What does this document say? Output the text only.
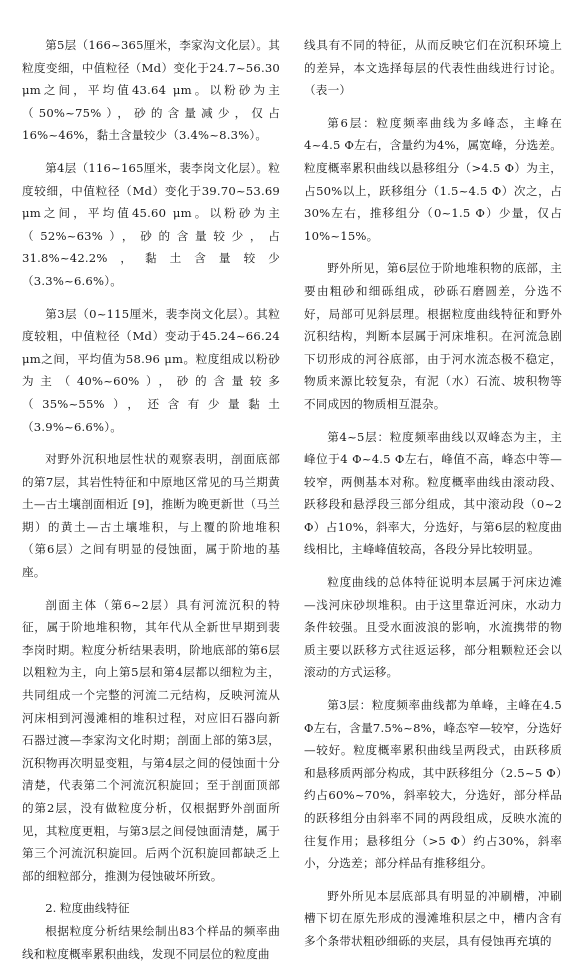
第5层（166~365厘米，李家沟文化层）。其粒度变细，中值粒径（Md）变化于24.7~56.30 μm之间，平均值43.64 μm。以粉砂为主（50%~75%），砂的含量减少，仅占16%~46%，黏土含量较少（3.4%~8.3%）。

第4层（116~165厘米，裴李岗文化层）。粒度较细，中值粒径（Md）变化于39.70~53.69 μm之间，平均值45.60 μm。以粉砂为主（52%~63%），砂的含量较少，占31.8%~42.2%，黏土含量较少（3.3%~6.6%）。

第3层（0~115厘米，裴李岗文化层）。其粒度较粗，中值粒径（Md）变动于45.24~66.24 μm之间，平均值为58.96 μm。粒度组成以粉砂为主（40%~60%），砂的含量较多（35%~55%），还含有少量黏土（3.9%~6.6%）。

对野外沉积地层性状的观察表明，剖面底部的第7层，其岩性特征和中原地区常见的马兰期黄土—古土壤剖面相近 [9]，推断为晚更新世（马兰期）的黄土—古土壤堆积，与上覆的阶地堆积（第6层）之间有明显的侵蚀面，属于阶地的基座。

剖面主体（第6~2层）具有河流沉积的特征，属于阶地堆积物，其年代从全新世早期到裴李岗时期。粒度分析结果表明，阶地底部的第6层以粗粒为主，向上第5层和第4层都以细粒为主，共同组成一个完整的河流二元结构，反映河流从河床相到河漫滩相的堆积过程，对应旧石器向新石器过渡—李家沟文化时期；剖面上部的第3层，沉积物再次明显变粗，与第4层之间的侵蚀面十分清楚，代表第二个河流沉积旋回；至于剖面顶部的第2层，没有做粒度分析，仅根据野外剖面所见，其粒度更粗，与第3层之间侵蚀面清楚，属于第三个河流沉积旋回。后两个沉积旋回都缺乏上部的细粒部分，推测为侵蚀破坏所致。

2. 粒度曲线特征

根据粒度分析结果绘制出83个样品的频率曲线和粒度概率累积曲线，发现不同层位的粒度曲

线具有不同的特征，从而反映它们在沉积环境上的差异，本文选择每层的代表性曲线进行讨论。（表一）

第6层：粒度频率曲线为多峰态，主峰在4~4.5 Φ左右，含量约为4%，属宽峰，分选差。粒度概率累积曲线以悬移组分（>4.5 Φ）为主，占50%以上，跃移组分（1.5~4.5 Φ）次之，占30%左右，推移组分（0~1.5 Φ）少量，仅占10%~15%。

野外所见，第6层位于阶地堆积物的底部，主要由粗砂和细砾组成，砂砾石磨圆差，分选不好，局部可见斜层理。根据粒度曲线特征和野外沉积结构，判断本层属于河床堆积。在河流急剧下切形成的河谷底部，由于河水流态极不稳定，物质来源比较复杂，有泥（水）石流、坡积物等不同成因的物质相互混杂。

第4~5层：粒度频率曲线以双峰态为主，主峰位于4 Φ~4.5 Φ左右，峰值不高，峰态中等—较窄，两侧基本对称。粒度概率曲线由滚动段、跃移段和悬浮段三部分组成，其中滚动段（0~2 Φ）占10%，斜率大，分选好，与第6层的粒度曲线相比，主峰峰值较高，各段分异比较明显。

粒度曲线的总体特征说明本层属于河床边滩—浅河床砂坝堆积。由于这里靠近河床，水动力条件较强。且受水面波浪的影响，水流携带的物质主要以跃移方式往返运移，部分粗颗粒还会以滚动的方式运移。

第3层：粒度频率曲线都为单峰，主峰在4.5 Φ左右，含量7.5%~8%，峰态窄—较窄，分选好—较好。粒度概率累积曲线呈两段式，由跃移质和悬移质两部分构成，其中跃移组分（2.5~5 Φ）约占60%~70%，斜率较大，分选好，部分样品的跃移组分由斜率不同的两段组成，反映水流的往复作用；悬移组分（>5 Φ）约占30%，斜率小，分选差；部分样品有推移组分。

野外所见本层底部具有明显的冲刷槽，冲刷槽下切在原先形成的漫滩堆积层之中，槽内含有多个条带状粗砂细砾的夹层，具有侵蚀再充填的
